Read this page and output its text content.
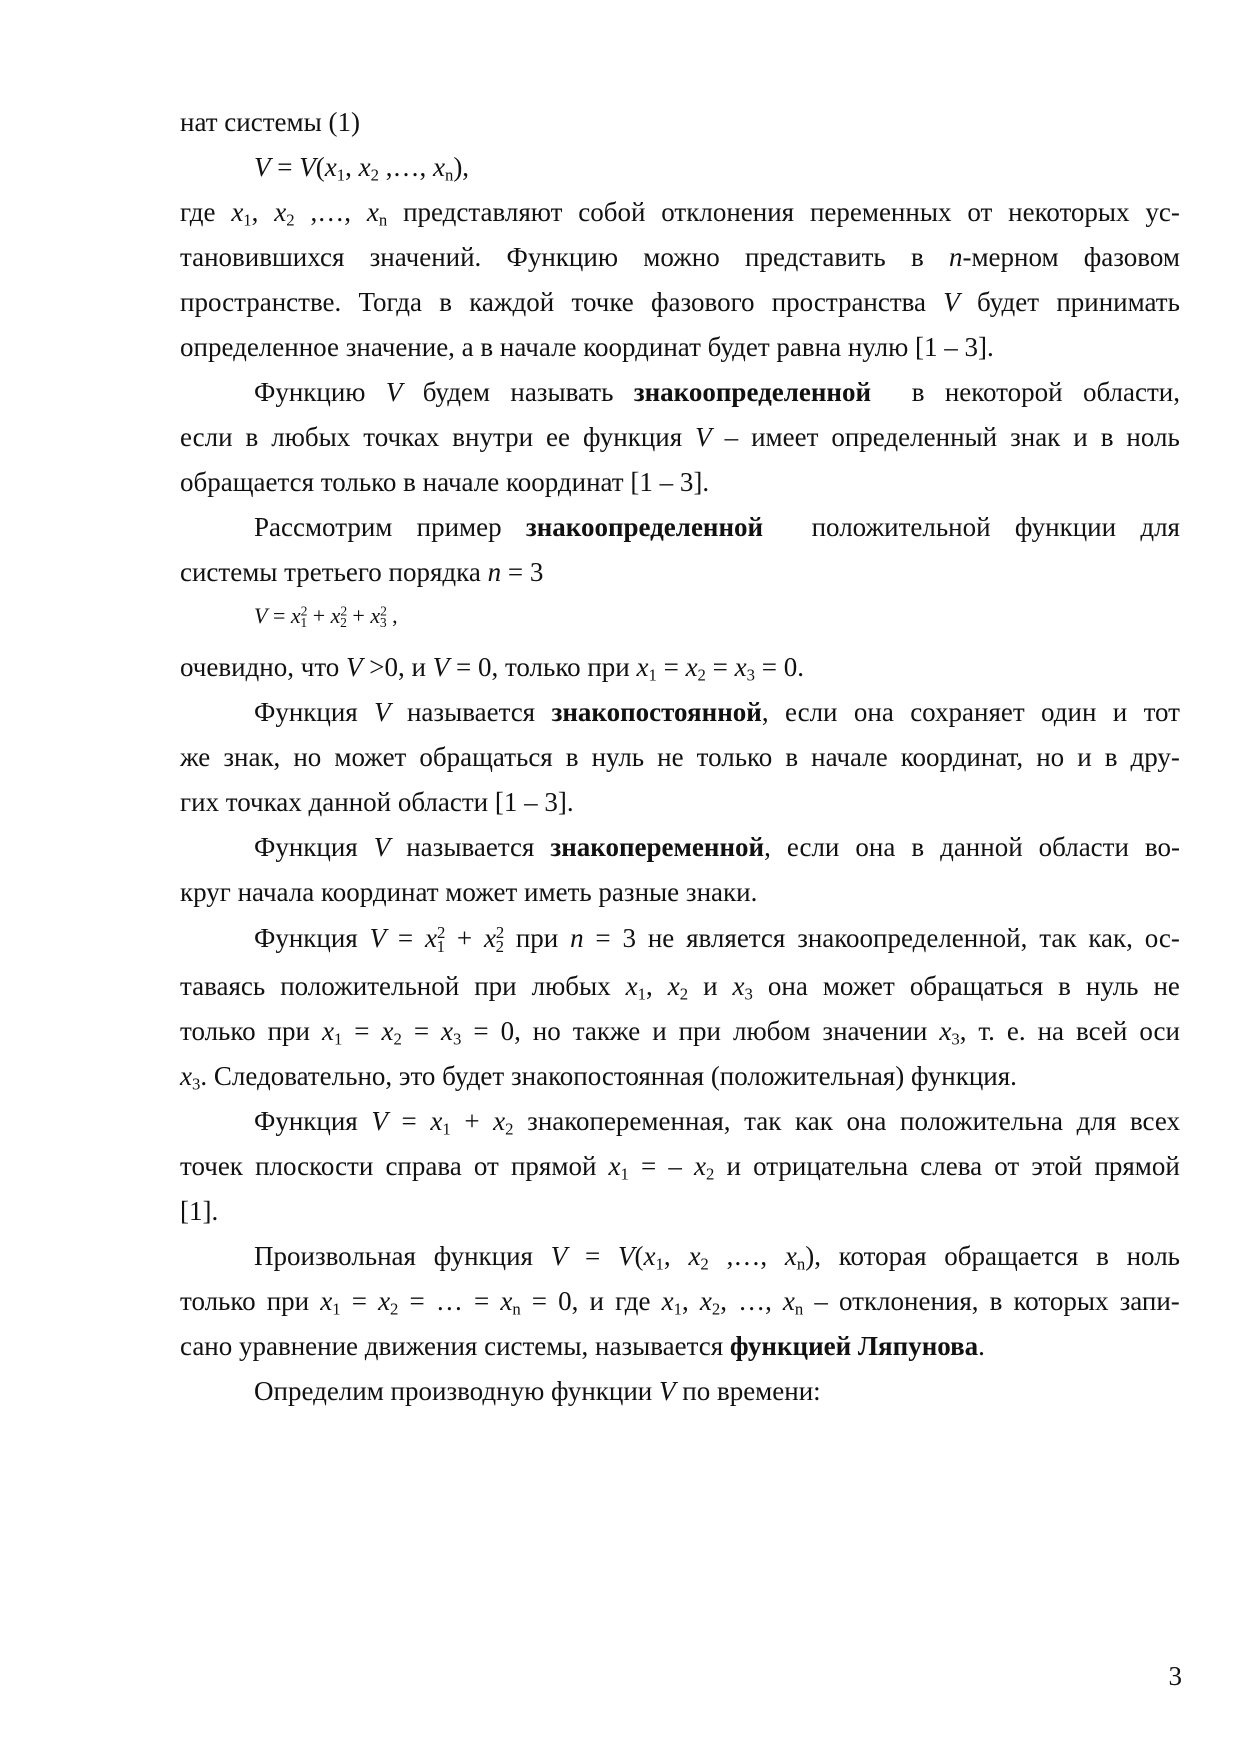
нат системы (1)
$V = V(x_1$, $x_2$ ,…, $x_n$),
где $x_1$, $x_2$ ,…, $x_n$ представляют собой отклонения переменных от некоторых ус-
тановившихся значений. Функцию можно представить в n-мерном фазовом
пространстве. Тогда в каждой точке фазового пространства V будет принимать
определенное значение, а в начале координат будет равна нулю [1 – 3].
Функцию V будем называть знакоопределенной в некоторой области,
если в любых точках внутри ее функция V – имеет определенный знак и в ноль
обращается только в начале координат [1 – 3].
Рассмотрим пример знакоопределенной положительной функции для
системы третьего порядка n = 3
$V = x^2_1 + x^2_2 + x^2_3$ ,
очевидно, что V >0, и V = 0, только при $x_1 = x_2 = x_3 = 0$.
Функция V называется знакопостоянной, если она сохраняет один и тот
же знак, но может обращаться в нуль не только в начале координат, но и в дру-
гих точках данной области [1 – 3].
Функция V называется знакопеременной, если она в данной области во-
круг начала координат может иметь разные знаки.
Функция $V = x^2_1 + x^2_2$ при n = 3 не является знакоопределенной, так как, ос-
таваясь положительной при любых $x_1$, $x_2$ и $x_3$ она может обращаться в нуль не
только при $x_1 = x_2 = x_3 = 0$, но также и при любом значении $x_3$, т. е. на всей оси
$x_3$. Следовательно, это будет знакопостоянная (положительная) функция.
Функция $V = x_1 + x_2$ знакопеременная, так как она положительна для всех
точек плоскости справа от прямой $x_1$ = – $x_2$ и отрицательна слева от этой прямой
[1].
Произвольная функция $V = V(x_1$, $x_2$ ,…, $x_n$), которая обращается в ноль
только при $x_1 = x_2$ = … = $x_n = 0$, и где $x_1$, $x_2$, …, $x_n$ – отклонения, в которых запи-
сано уравнение движения системы, называется функцией Ляпунова.
Определим производную функции V по времени:
3
